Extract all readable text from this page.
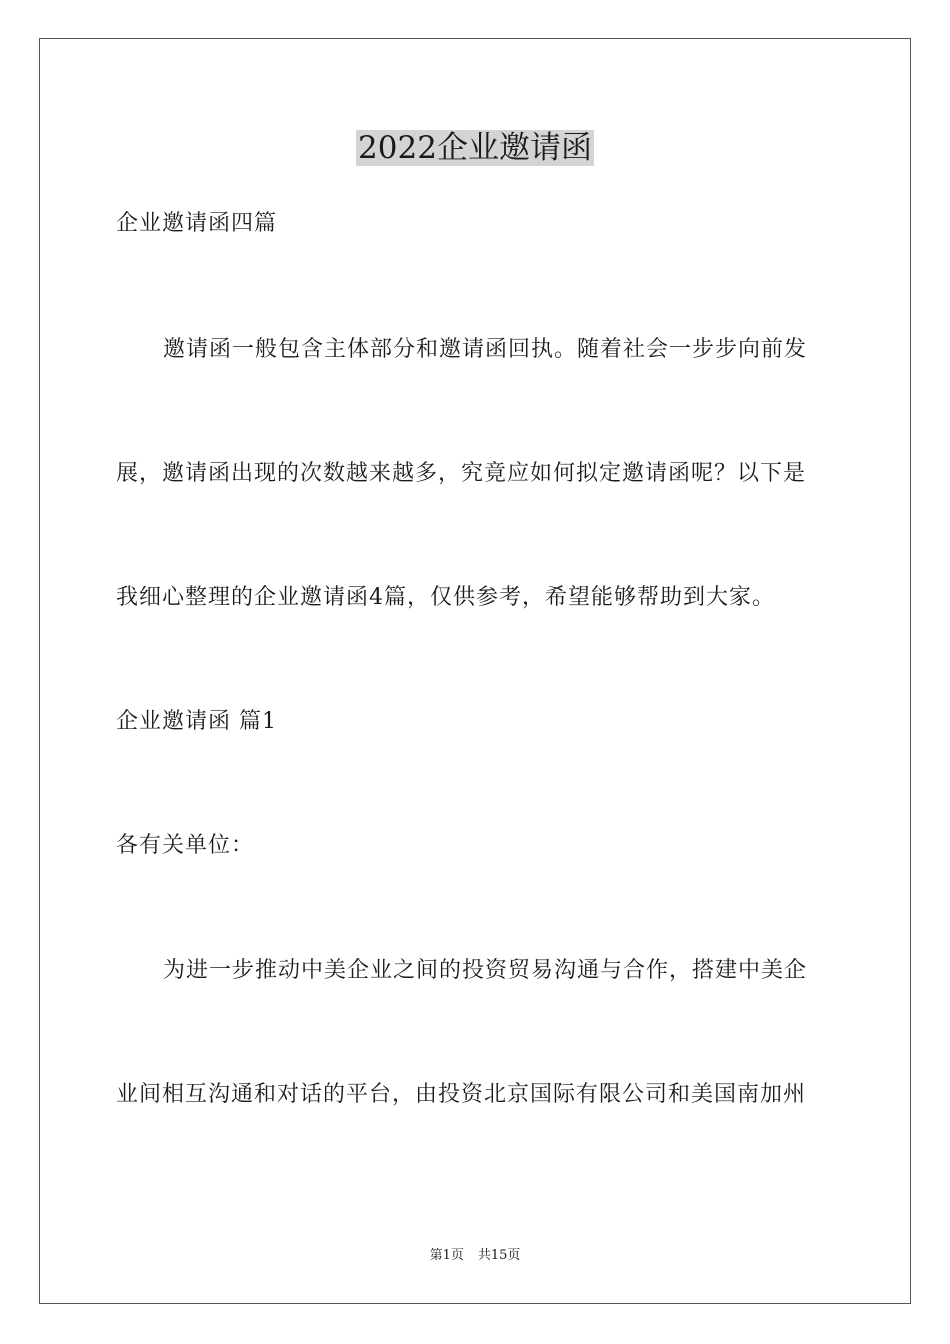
2022企业邀请函
企业邀请函四篇
邀请函一般包含主体部分和邀请函回执。随着社会一步步向前发
展，邀请函出现的次数越来越多，究竟应如何拟定邀请函呢？以下是
我细心整理的企业邀请函4篇，仅供参考，希望能够帮助到大家。
企业邀请函 篇1
各有关单位：
为进一步推动中美企业之间的投资贸易沟通与合作，搭建中美企
业间相互沟通和对话的平台，由投资北京国际有限公司和美国南加州
第1页 共15页
